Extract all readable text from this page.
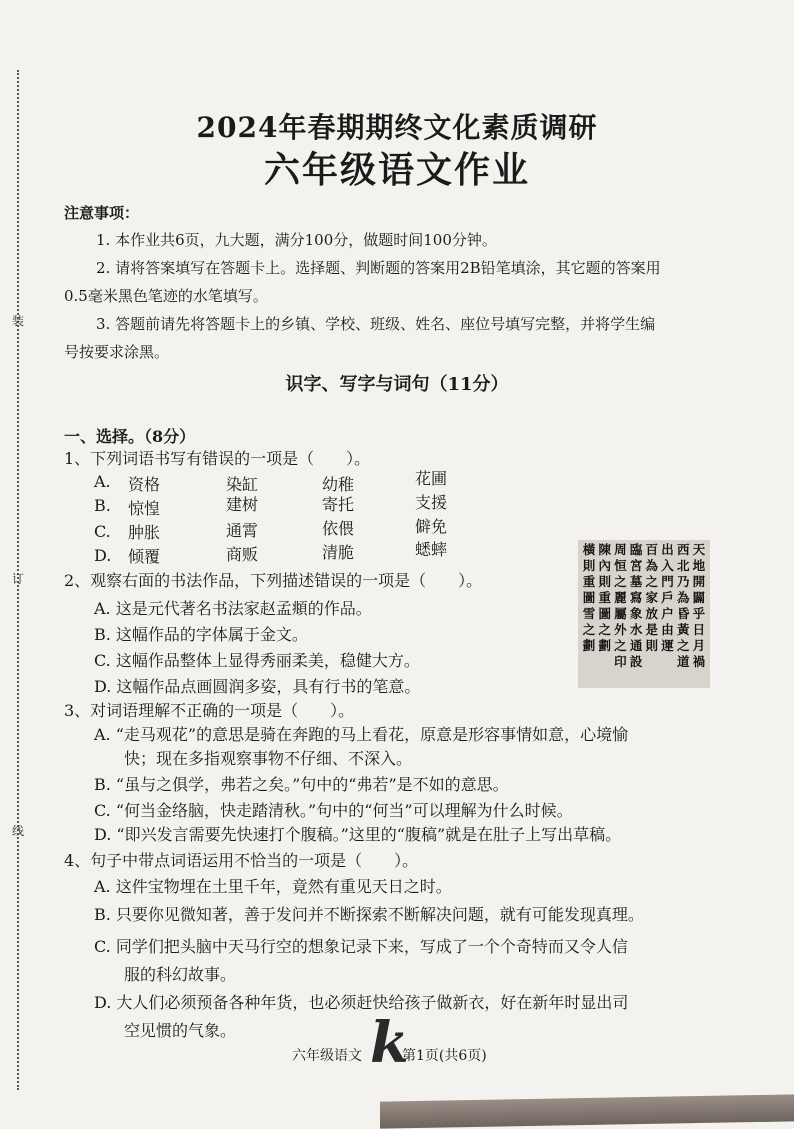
装
订
线
2024年春期期终文化素质调研
六年级语文作业
注意事项：
1. 本作业共6页，九大题，满分100分，做题时间100分钟。
2. 请将答案填写在答题卡上。选择题、判断题的答案用2B铅笔填涂，其它题的答案用
0.5毫米黑色笔迹的水笔填写。
3. 答题前请先将答题卡上的乡镇、学校、班级、姓名、座位号填写完整，并将学生编
号按要求涂黑。
识字、写字与词句（11分）
一、选择。（8分）
1、下列词语书写有错误的一项是（　　）。
A. 资格	染缸	幼稚	花圃
B. 惊惶	建树	寄托	支援
C. 肿胀	通霄	依偎	僻免
D. 倾覆	商贩	清脆	蟋蟀
2、观察右面的书法作品，下列描述错误的一项是（　　）。
A. 这是元代著名书法家赵孟頫的作品。
B. 这幅作品的字体属于金文。
C. 这幅作品整体上显得秀丽柔美，稳健大方。
D. 这幅作品点画圆润多姿，具有行书的笔意。
天地開闢乎日月禍
西北乃為昏黃之道
出入門戶户由運
百為之家放是則
臨宮墓寫象水通設
周恒之麗屬外之印
陳內則重圖之劃
橫則重圖雪之劃
3、对词语理解不正确的一项是（　　）。
A. “走马观花”的意思是骑在奔跑的马上看花，原意是形容事情如意，心境愉
快；现在多指观察事物不仔细、不深入。
B. “虽与之俱学，弗若之矣。”句中的“弗若”是不如的意思。
C. “何当金络脑，快走踏清秋。”句中的“何当”可以理解为什么时候。
D. “即兴发言需要先快速打个腹稿。”这里的“腹稿”就是在肚子上写出草稿。
4、句子中带点词语运用不恰当的一项是（　　）。
A. 这件宝物埋在土里千年，竟然有重见天日之时。
B. 只要你见微知著，善于发问并不断探索不断解决问题，就有可能发现真理。
C. 同学们把头脑中天马行空的想象记录下来，写成了一个个奇特而又令人信
服的科幻故事。
D. 大人们必须预备各种年货，也必须赶快给孩子做新衣，好在新年时显出司
空见惯的气象。
六年级语文 k
第1页(共6页)
